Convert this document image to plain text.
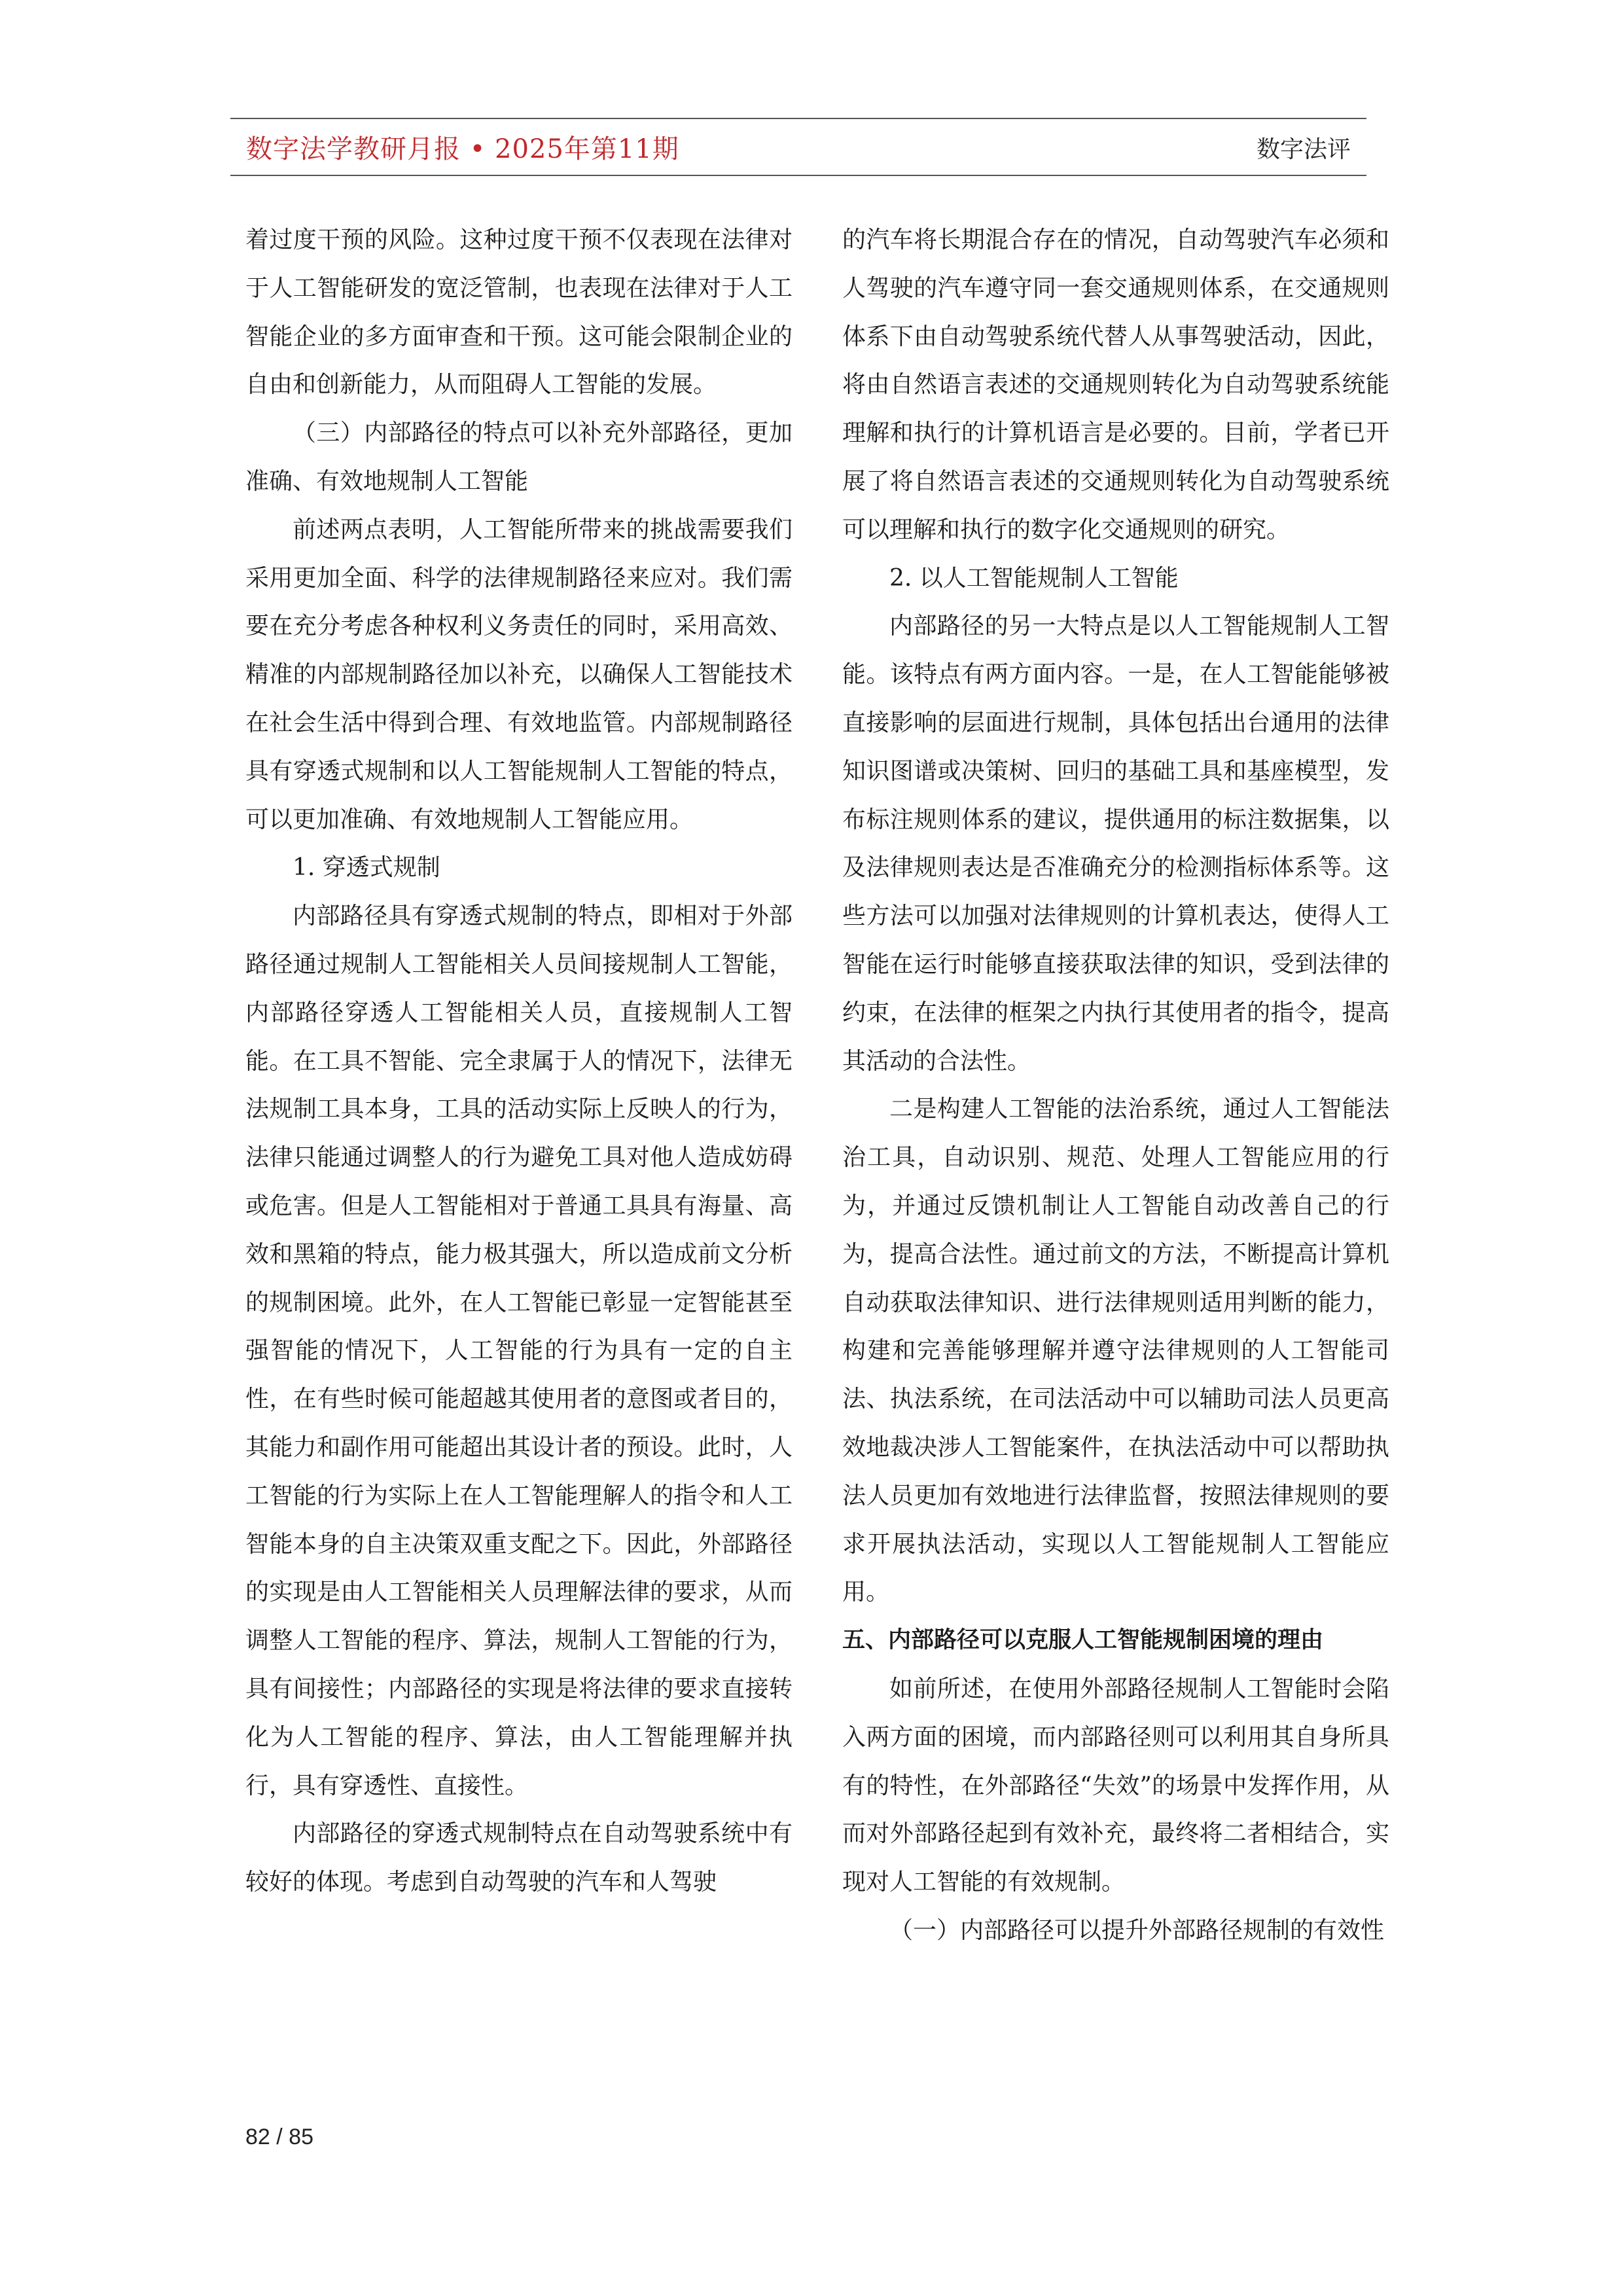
数字法学教研月报 • 2025年第11期	数字法评

着过度干预的风险。这种过度干预不仅表现在法律对于人工智能研发的宽泛管制，也表现在法律对于人工智能企业的多方面审查和干预。这可能会限制企业的自由和创新能力，从而阻碍人工智能的发展。

（三）内部路径的特点可以补充外部路径，更加准确、有效地规制人工智能

前述两点表明，人工智能所带来的挑战需要我们采用更加全面、科学的法律规制路径来应对。我们需要在充分考虑各种权利义务责任的同时，采用高效、精准的内部规制路径加以补充，以确保人工智能技术在社会生活中得到合理、有效地监管。内部规制路径具有穿透式规制和以人工智能规制人工智能的特点，可以更加准确、有效地规制人工智能应用。

1. 穿透式规制

内部路径具有穿透式规制的特点，即相对于外部路径通过规制人工智能相关人员间接规制人工智能，内部路径穿透人工智能相关人员，直接规制人工智能。在工具不智能、完全隶属于人的情况下，法律无法规制工具本身，工具的活动实际上反映人的行为，法律只能通过调整人的行为避免工具对他人造成妨碍或危害。但是人工智能相对于普通工具具有海量、高效和黑箱的特点，能力极其强大，所以造成前文分析的规制困境。此外，在人工智能已彰显一定智能甚至强智能的情况下，人工智能的行为具有一定的自主性，在有些时候可能超越其使用者的意图或者目的，其能力和副作用可能超出其设计者的预设。此时，人工智能的行为实际上在人工智能理解人的指令和人工智能本身的自主决策双重支配之下。因此，外部路径的实现是由人工智能相关人员理解法律的要求，从而调整人工智能的程序、算法，规制人工智能的行为，具有间接性；内部路径的实现是将法律的要求直接转化为人工智能的程序、算法，由人工智能理解并执行，具有穿透性、直接性。

内部路径的穿透式规制特点在自动驾驶系统中有较好的体现。考虑到自动驾驶的汽车和人驾驶

的汽车将长期混合存在的情况，自动驾驶汽车必须和人驾驶的汽车遵守同一套交通规则体系，在交通规则体系下由自动驾驶系统代替人从事驾驶活动，因此，将由自然语言表述的交通规则转化为自动驾驶系统能理解和执行的计算机语言是必要的。目前，学者已开展了将自然语言表述的交通规则转化为自动驾驶系统可以理解和执行的数字化交通规则的研究。

2. 以人工智能规制人工智能

内部路径的另一大特点是以人工智能规制人工智能。该特点有两方面内容。一是，在人工智能能够被直接影响的层面进行规制，具体包括出台通用的法律知识图谱或决策树、回归的基础工具和基座模型，发布标注规则体系的建议，提供通用的标注数据集，以及法律规则表达是否准确充分的检测指标体系等。这些方法可以加强对法律规则的计算机表达，使得人工智能在运行时能够直接获取法律的知识，受到法律的约束，在法律的框架之内执行其使用者的指令，提高其活动的合法性。

二是构建人工智能的法治系统，通过人工智能法治工具，自动识别、规范、处理人工智能应用的行为，并通过反馈机制让人工智能自动改善自己的行为，提高合法性。通过前文的方法，不断提高计算机自动获取法律知识、进行法律规则适用判断的能力，构建和完善能够理解并遵守法律规则的人工智能司法、执法系统，在司法活动中可以辅助司法人员更高效地裁决涉人工智能案件，在执法活动中可以帮助执法人员更加有效地进行法律监督，按照法律规则的要求开展执法活动，实现以人工智能规制人工智能应用。

五、内部路径可以克服人工智能规制困境的理由

如前所述，在使用外部路径规制人工智能时会陷入两方面的困境，而内部路径则可以利用其自身所具有的特性，在外部路径“失效”的场景中发挥作用，从而对外部路径起到有效补充，最终将二者相结合，实现对人工智能的有效规制。

（一）内部路径可以提升外部路径规制的有效性

82 / 85
